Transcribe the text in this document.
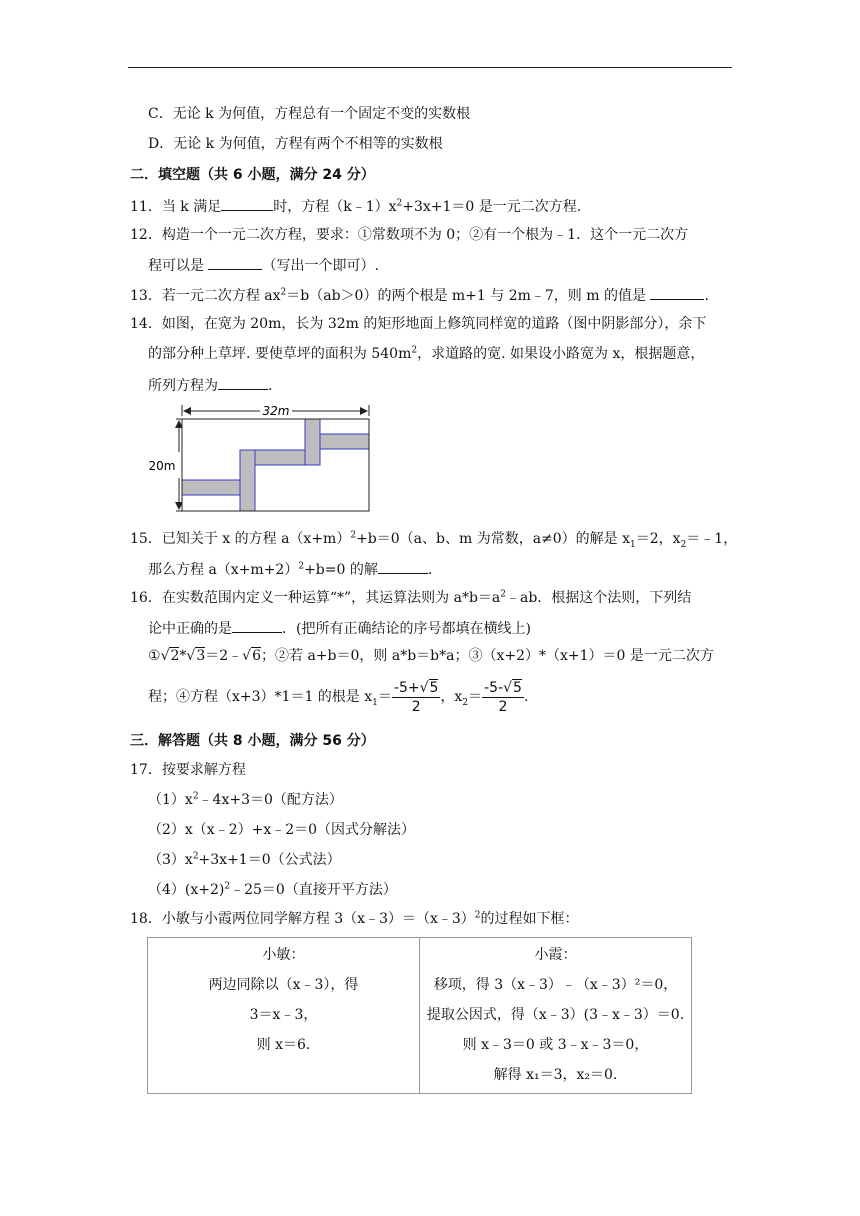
C．无论 k 为何值，方程总有一个固定不变的实数根
D．无论 k 为何值，方程有两个不相等的实数根
二．填空题（共 6 小题，满分 24 分）
11．当 k 满足	时，方程$(k﹣1)x^2+3x+1=0$ 是一元二次方程.
12．构造一个一元二次方程，要求：①常数项不为 0；②有一个根为﹣1．这个一元二次方
程可以是	（写出一个即可）.
13．若一元二次方程 $ax^2=b(ab>0)$的两个根是 m+1 与 2m﹣7，则 m 的值是	.
14．如图，在宽为 20m，长为 32m 的矩形地面上修筑同样宽的道路（图中阴影部分），余下
的部分种上草坪. 要使草坪的面积为 $540m^2$，求道路的宽. 如果设小路宽为 x，根据题意，
所列方程为	.
32m
20m
15．已知关于 x 的方程 $a(x+m)^2+b=0(a$、b、m 为常数，a≠0）的解是 $x_1=2$，$x_2=﹣1$，
那么方程 $a(x+m+2)^2+b=0$ 的解	.
16．在实数范围内定义一种运算“*”，其运算法则为 $a*b=a^2﹣ab$．根据这个法则，下列结
论中正确的是	．(把所有正确结论的序号都填在横线上)
①√2*√3＝2﹣√6；②若 a+b＝0，则 a*b＝b*a；③（x+2）*（x+1）＝0 是一元二次方
程；④方程（x+3）*1＝1 的根是 $x_1= \frac{-5+√5}{2}$ ，$x_2= \frac{-5-√5}{2}$ .
三．解答题（共 8 小题，满分 56 分）
17．按要求解方程
$(1)x^2﹣4x+3=0$（配方法）
（2）x（x﹣2）+x﹣2＝0（因式分解法）
$(3)x^2+3x+1=0$（公式法）
$(4)(x+2)^2﹣25=0$（直接开平方法）
18．小敏与小霞两位同学解方程 3（x﹣3）＝（x﹣3）$^2$的过程如下框：
小敏：
两边同除以（x﹣3），得
3＝x﹣3，
则 x＝6.

小霞：
移项，得 3（x﹣3）﹣（x﹣3）²＝0，
提取公因式，得（x﹣3）(3﹣x﹣3）＝0.
则 x﹣3＝0 或 3﹣x﹣3＝0，
解得 x₁＝3，x₂＝0.
